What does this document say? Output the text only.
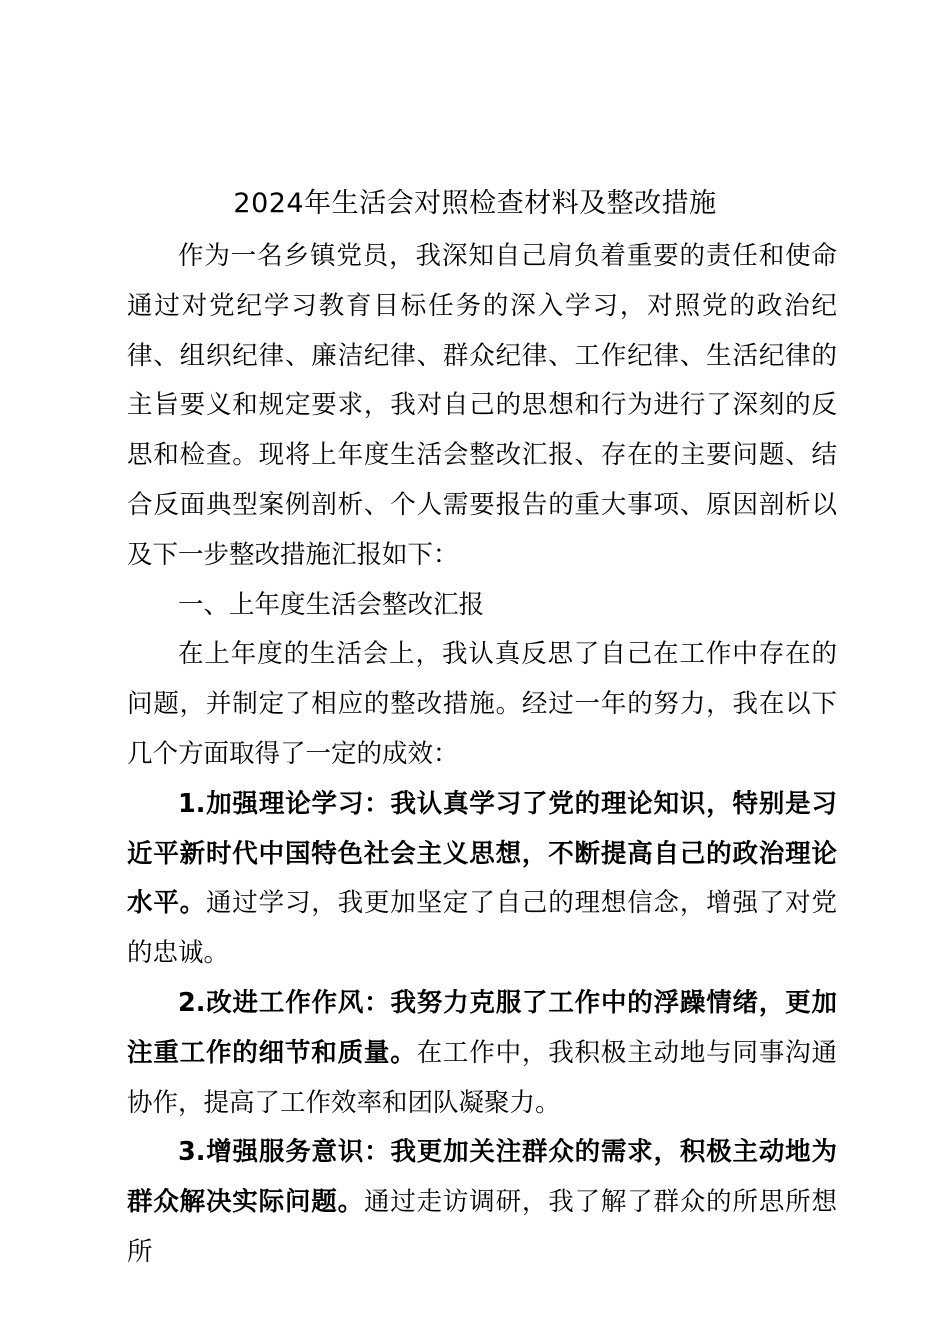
2024年生活会对照检查材料及整改措施

作为一名乡镇党员，我深知自己肩负着重要的责任和使命通过对党纪学习教育目标任务的深入学习，对照党的政治纪律、组织纪律、廉洁纪律、群众纪律、工作纪律、生活纪律的主旨要义和规定要求，我对自己的思想和行为进行了深刻的反思和检查。现将上年度生活会整改汇报、存在的主要问题、结合反面典型案例剖析、个人需要报告的重大事项、原因剖析以及下一步整改措施汇报如下：

一、上年度生活会整改汇报

在上年度的生活会上，我认真反思了自己在工作中存在的问题，并制定了相应的整改措施。经过一年的努力，我在以下几个方面取得了一定的成效：

1.加强理论学习：我认真学习了党的理论知识，特别是习近平新时代中国特色社会主义思想，不断提高自己的政治理论水平。通过学习，我更加坚定了自己的理想信念，增强了对党的忠诚。

2.改进工作作风：我努力克服了工作中的浮躁情绪，更加注重工作的细节和质量。在工作中，我积极主动地与同事沟通协作，提高了工作效率和团队凝聚力。

3.增强服务意识：我更加关注群众的需求，积极主动地为群众解决实际问题。通过走访调研，我了解了群众的所思所想所
